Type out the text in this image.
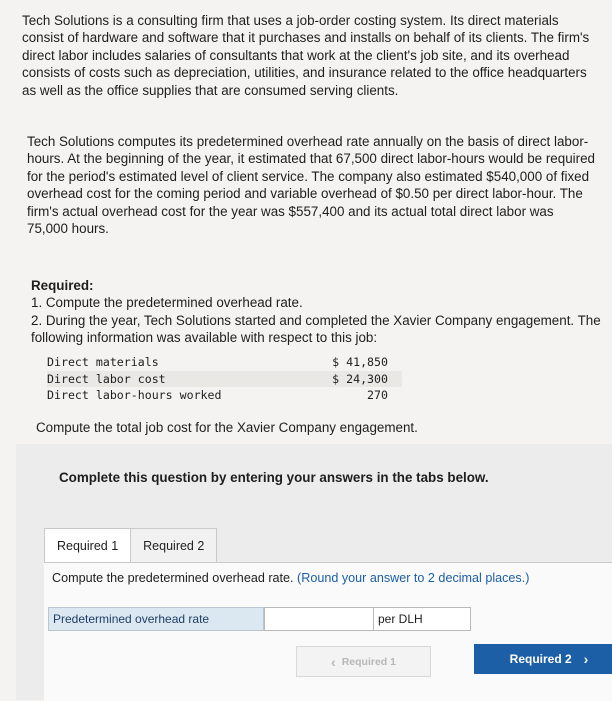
Tech Solutions is a consulting firm that uses a job-order costing system. Its direct materials consist of hardware and software that it purchases and installs on behalf of its clients. The firm's direct labor includes salaries of consultants that work at the client's job site, and its overhead consists of costs such as depreciation, utilities, and insurance related to the office headquarters as well as the office supplies that are consumed serving clients.
Tech Solutions computes its predetermined overhead rate annually on the basis of direct labor-hours. At the beginning of the year, it estimated that 67,500 direct labor-hours would be required for the period's estimated level of client service. The company also estimated $540,000 of fixed overhead cost for the coming period and variable overhead of $0.50 per direct labor-hour. The firm's actual overhead cost for the year was $557,400 and its actual total direct labor was 75,000 hours.
Required:
1. Compute the predetermined overhead rate.
2. During the year, Tech Solutions started and completed the Xavier Company engagement. The following information was available with respect to this job:
Direct materials	$ 41,850
Direct labor cost	$ 24,300
Direct labor-hours worked	270
Compute the total job cost for the Xavier Company engagement.
Complete this question by entering your answers in the tabs below.
Required 1	Required 2
Compute the predetermined overhead rate. (Round your answer to 2 decimal places.)
Predetermined overhead rate	per DLH
‹ Required 1	Required 2 ›
